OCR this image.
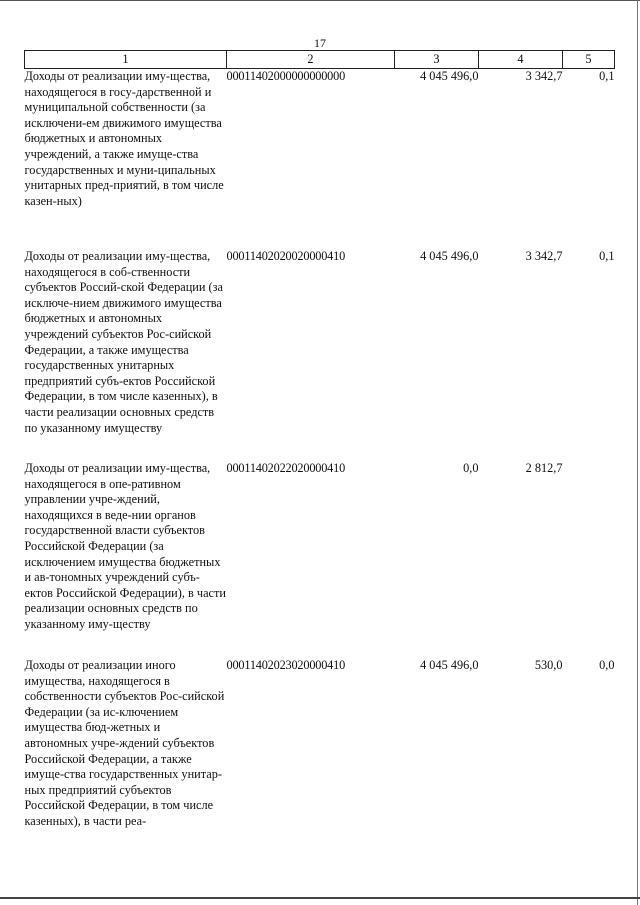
17
1	2	3	4	5
Доходы от реализации иму-щества, находящегося в госу-дарственной и муниципальной собственности (за исключени-ем движимого имущества бюджетных и автономных учреждений, а также имуще-ства государственных и муни-ципальных унитарных пред-приятий, в том числе казен-ных)	00011402000000000000	4 045 496,0	3 342,7	0,1
Доходы от реализации иму-щества, находящегося в соб-ственности субъектов Россий-ской Федерации (за исключе-нием движимого имущества бюджетных и автономных учреждений субъектов Рос-сийской Федерации, а также имущества государственных унитарных предприятий субъ-ектов Российской Федерации, в том числе казенных), в части реализации основных средств по указанному имуществу	00011402020020000410	4 045 496,0	3 342,7	0,1
Доходы от реализации иму-щества, находящегося в опе-ративном управлении учре-ждений, находящихся в веде-нии органов государственной власти субъектов Российской Федерации (за исключением имущества бюджетных и ав-тономных учреждений субъ-ектов Российской Федерации), в части реализации основных средств по указанному иму-ществу	00011402022020000410	0,0	2 812,7	
Доходы от реализации иного имущества, находящегося в собственности субъектов Рос-сийской Федерации (за ис-ключением имущества бюд-жетных и автономных учре-ждений субъектов Российской Федерации, а также имуще-ства государственных унитар-ных предприятий субъектов Российской Федерации, в том числе казенных), в части реа-	00011402023020000410	4 045 496,0	530,0	0,0
